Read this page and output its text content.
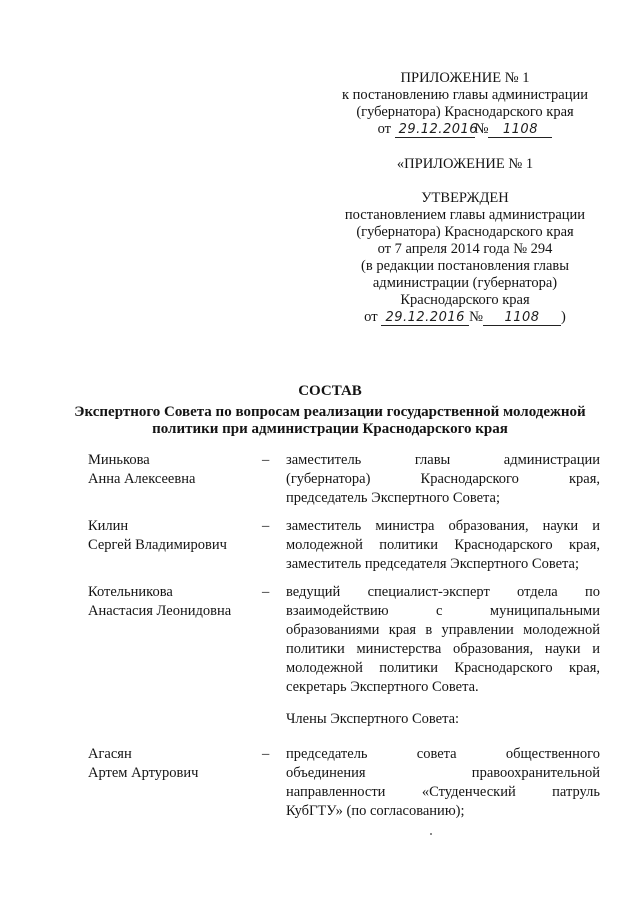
ПРИЛОЖЕНИЕ № 1
к постановлению главы администрации
(губернатора) Краснодарского края
от 29.12.2016№ 1108
«ПРИЛОЖЕНИЕ № 1
УТВЕРЖДЕН
постановлением главы администрации
(губернатора) Краснодарского края
от 7 апреля 2014 года № 294
(в редакции постановления главы
администрации (губернатора)
Краснодарского края
от 29.12.2016 № 1108 )
СОСТАВ
Экспертного Совета по вопросам реализации государственной молодежной
политики при администрации Краснодарского края
Минькова
Анна Алексеевна
– заместитель главы администрации
(губернатора) Краснодарского края,
председатель Экспертного Совета;
Килин
Сергей Владимирович
– заместитель министра образования, науки и
молодежной политики Краснодарского края,
заместитель председателя Экспертного Совета;
Котельникова
Анастасия Леонидовна
– ведущий специалист-эксперт отдела по
взаимодействию с муниципальными
образованиями края в управлении молодежной
политики министерства образования, науки и
молодежной политики Краснодарского края,
секретарь Экспертного Совета.
Члены Экспертного Совета:
Агасян
Артем Артурович
– председатель совета общественного
объединения правоохранительной
направленности «Студенческий патруль
КубГТУ» (по согласованию);
